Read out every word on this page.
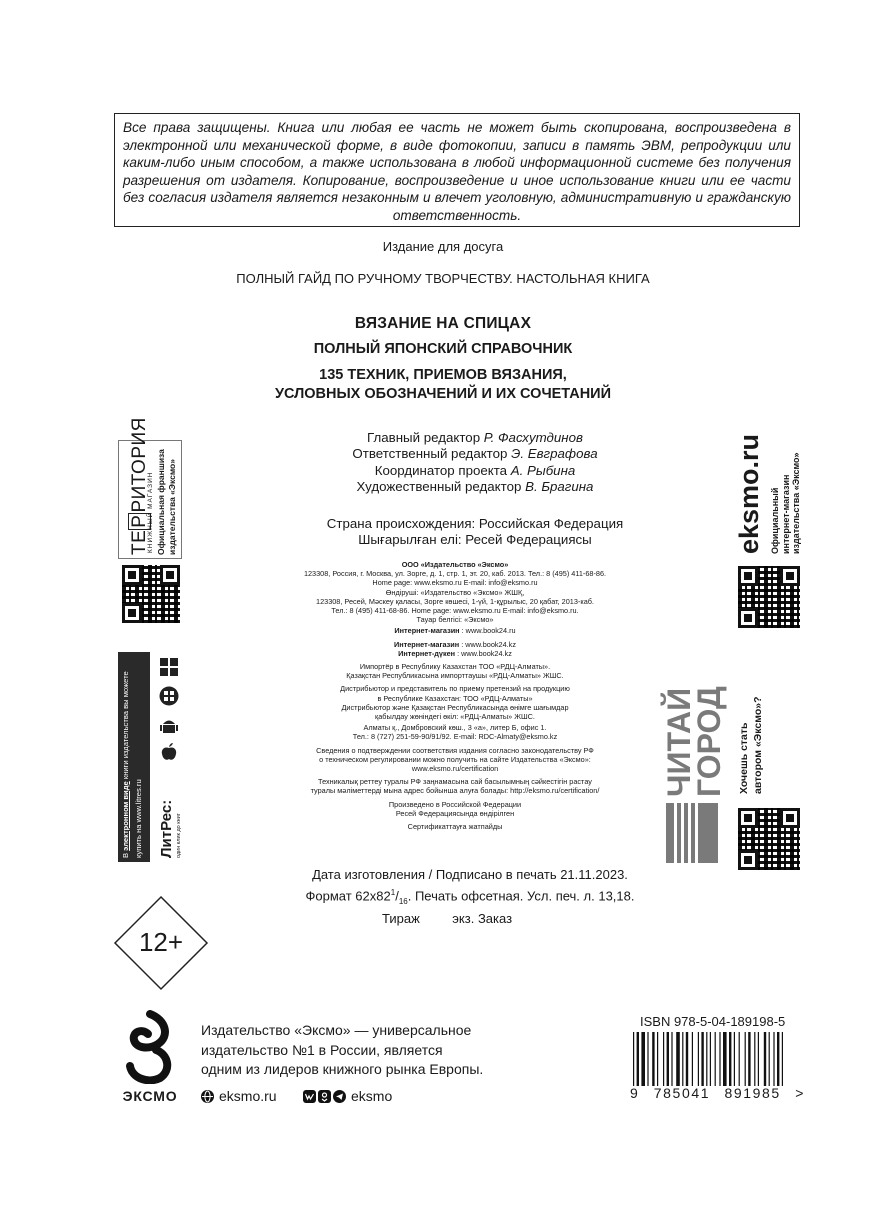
Все права защищены. Книга или любая ее часть не может быть скопирована, воспроизведена в электронной или механической форме, в виде фотокопии, записи в память ЭВМ, репродукции или каким-либо иным способом, а также использована в любой информационной системе без получения разрешения от издателя. Копирование, воспроизведение и иное использование книги или ее части без согласия издателя является незаконным и влечет уголовную, административную и гражданскую ответственность.
Издание для досуга
ПОЛНЫЙ ГАЙД ПО РУЧНОМУ ТВОРЧЕСТВУ. НАСТОЛЬНАЯ КНИГА
ВЯЗАНИЕ НА СПИЦАХ
ПОЛНЫЙ ЯПОНСКИЙ СПРАВОЧНИК
135 ТЕХНИК, ПРИЕМОВ ВЯЗАНИЯ,
УСЛОВНЫХ ОБОЗНАЧЕНИЙ И ИХ СОЧЕТАНИЙ
Главный редактор Р. Фасхутдинов
Ответственный редактор Э. Евграфова
Координатор проекта А. Рыбина
Художественный редактор В. Брагина
Страна происхождения: Российская Федерация
Шығарылған елі: Ресей Федерациясы
ООО «Издательство «Эксмо»
123308, Россия, г. Москва, ул. Зорге, д. 1, стр. 1, эт. 20, каб. 2013. Тел.: 8 (495) 411-68-86.
Home page: www.eksmo.ru E-mail: info@eksmo.ru
Өндіруші: «Издательство «Эксмо» ЖШҚ,
123308, Ресей, Мәскеу қаласы, Зорге көшесі, 1-үй, 1-құрылыс, 20 қабат, 2013-каб.
Тел.: 8 (495) 411-68-86. Home page: www.eksmo.ru E-mail: info@eksmo.ru.
Тауар белгісі: «Эксмо»
Интернет-магазин : www.book24.ru
Интернет-магазин : www.book24.kz
Интернет-дүкен : www.book24.kz
Импортёр в Республику Казахстан ТОО «РДЦ-Алматы».
Қазақстан Республикасына импорттаушы «РДЦ-Алматы» ЖШС.
Дистрибьютор и представитель по приему претензий на продукцию
в Республике Казахстан: ТОО «РДЦ-Алматы»
Дистрибьютор және Қазақстан Республикасында өнімге шағымдар
қабылдау жөніндегі өкіл: «РДЦ-Алматы» ЖШС.
Алматы қ., Домбровский көш., 3 «а», литер Б, офис 1.
Тел.: 8 (727) 251-59-90/91/92. E-mail: RDC-Almaty@eksmo.kz
Сведения о подтверждении соответствия издания согласно законодательству РФ
о техническом регулировании можно получить на сайте Издательства «Эксмо»:
www.eksmo.ru/certification
Техникалық реттеу туралы РФ заңнамасына сай басылымның сәйкестігін растау
туралы мәліметтерді мына адрес бойынша алуға болады: http://eksmo.ru/certification/
Произведено в Российской Федерации
Ресей Федерациясында өндірілген
Сертификаттауға жатпайды
Дата изготовления / Подписано в печать 21.11.2023.
Формат $62x82^1/_{16}$. Печать офсетная. Усл. печ. л. 13,18.
Тираж         экз. Заказ
12+
ТЕРРИТОРИЯ
КНИЖНЫЙ МАГАЗИН Официальная франшиза издательства «Эксмо»
В электронном виде книги издательства вы можете
купить на www.litres.ru ЛитРес: один клик до книг
eksmo.ru Официальный интернет-магазин издательства «Эксмо»
ЧИТАЙ
ГОРОД Хочешь стать автором «Эксмо»?
ЭКСМО
Издательство «Эксмо» — универсальное
издательство №1 в России, является
одним из лидеров книжного рынка Европы.
eksmo.ru	eksmo
ISBN 978-5-04-189198-5
9 785041 891985 >
